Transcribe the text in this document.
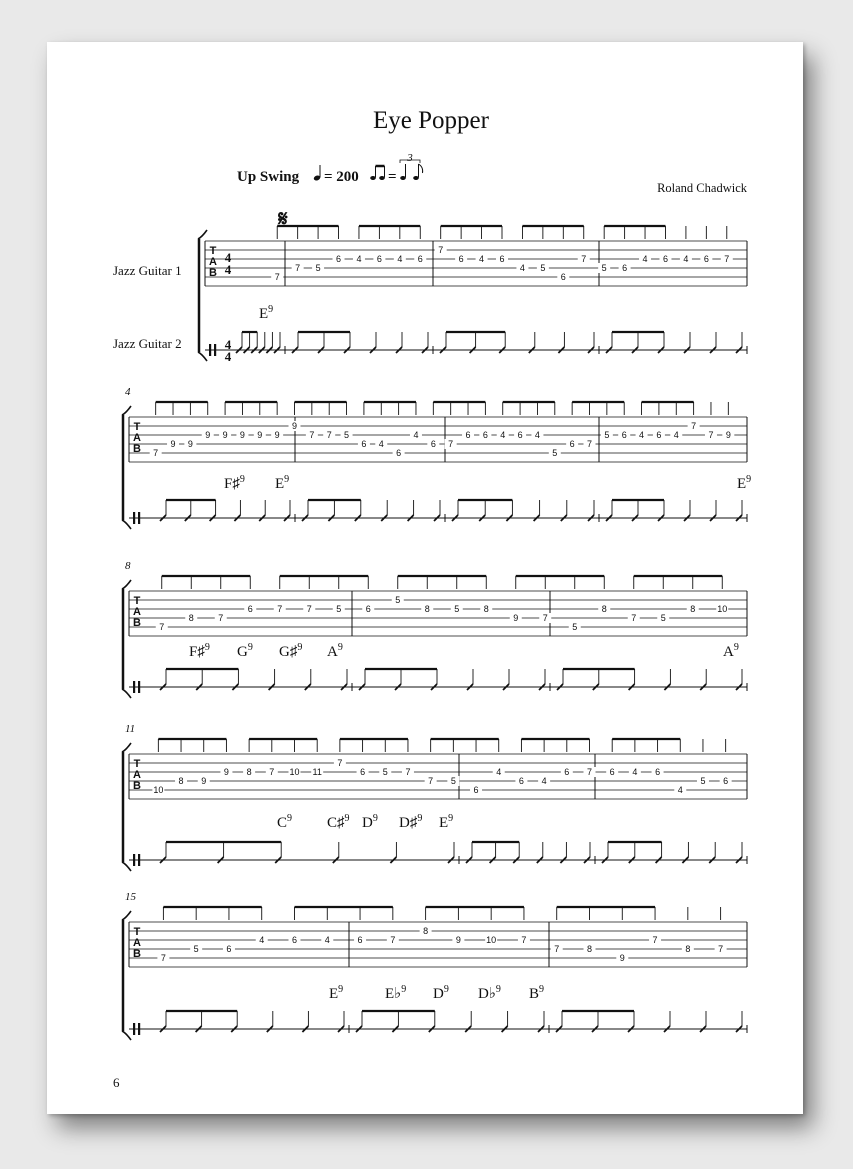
Eye Popper
Up Swing = 200 =
3
Roland Chadwick
Jazz Guitar 1
Jazz Guitar 2
T
A
B
4
4
4
4
𝄋
$E^9$
7
7 5
6 4 6 4 6
7
6 4 6
4 5
6
7
5 6
4 6 4 6 7
T
A
B
4
F♯$^9$ $E^9$	$E^9$
7
9 9
9 9 9 9 9
9
7 7 5
6 4
6
4
6 7
6 6 4 6 4
5
6 7
5 6 4 6 4
7
7 9
T
A
B
8
F♯$^9$ $G^9$ G♯$^9$ $A^9$	$A^9$
7
8	7
6	7	7	5	6
5
8	5	8
9	7
5
8
7	5
8 10
T
A
B
11
$C^9$ C♯$^9$ $D^9$ D♯$^9$ $E^9$
10
8 9
9 8 7 10 11
7
6 5 7
7 5
6
4
6 4
6 7 6 4 6
4
5 6
T
A
B
15
$E^9$	E♭$^9$ $D^9$ D♭$^9$ $B^9$
7
5	6
4	6	4	6	7
8
9	10	7
7	8
9
7
8	7
6
